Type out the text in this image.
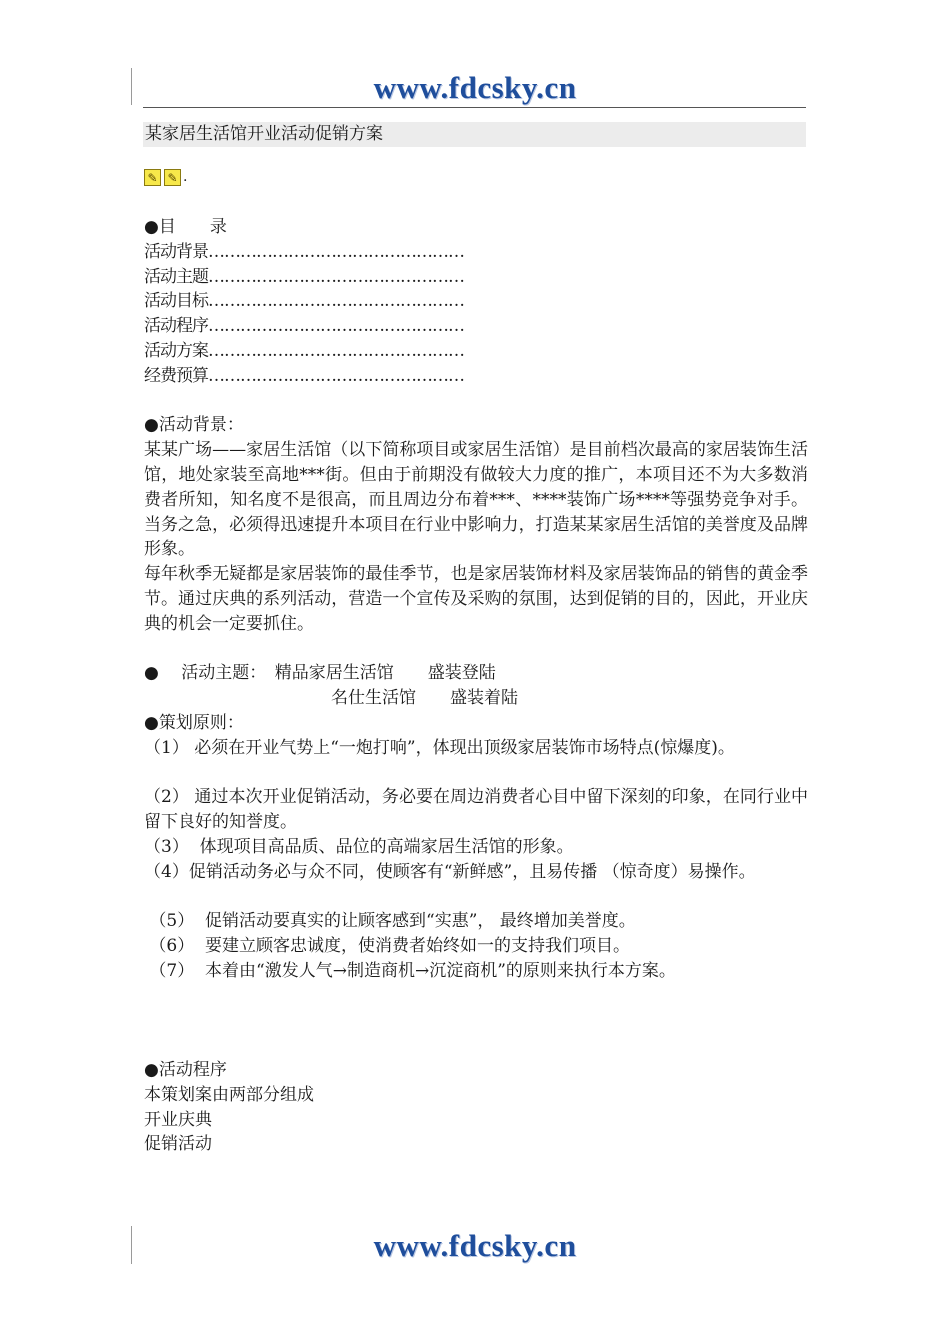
www.fdcsky.cn
某家居生活馆开业活动促销方案
✎ ✎ .
●目　　录
活动背景…………………………………………
活动主题…………………………………………
活动目标…………………………………………
活动程序…………………………………………
活动方案…………………………………………
经费预算…………………………………………
●活动背景：
某某广场——家居生活馆（以下简称项目或家居生活馆）是目前档次最高的家居装饰生活馆，地处家装至高地***街。但由于前期没有做较大力度的推广，本项目还不为大多数消费者所知，知名度不是很高，而且周边分布着***、****装饰广场****等强势竞争对手。当务之急，必须得迅速提升本项目在行业中影响力，打造某某家居生活馆的美誉度及品牌形象。
每年秋季无疑都是家居装饰的最佳季节，也是家居装饰材料及家居装饰品的销售的黄金季节。通过庆典的系列活动，营造一个宣传及采购的氛围，达到促销的目的，因此，开业庆典的机会一定要抓住。
●　 活动主题：　精品家居生活馆　　盛装登陆
　　　　　　　　　　　名仕生活馆　　盛装着陆
●策划原则：
（1） 必须在开业气势上“一炮打响”，体现出顶级家居装饰市场特点(惊爆度)。
（2） 通过本次开业促销活动，务必要在周边消费者心目中留下深刻的印象，在同行业中留下良好的知誉度。
（3）  体现项目高品质、品位的高端家居生活馆的形象。
（4）促销活动务必与众不同，使顾客有“新鲜感”，且易传播 （惊奇度）易操作。
（5）  促销活动要真实的让顾客感到“实惠”， 最终增加美誉度。
（6）  要建立顾客忠诚度，使消费者始终如一的支持我们项目。
（7）  本着由“激发人气→制造商机→沉淀商机”的原则来执行本方案。
●活动程序
本策划案由两部分组成
开业庆典
促销活动
www.fdcsky.cn
